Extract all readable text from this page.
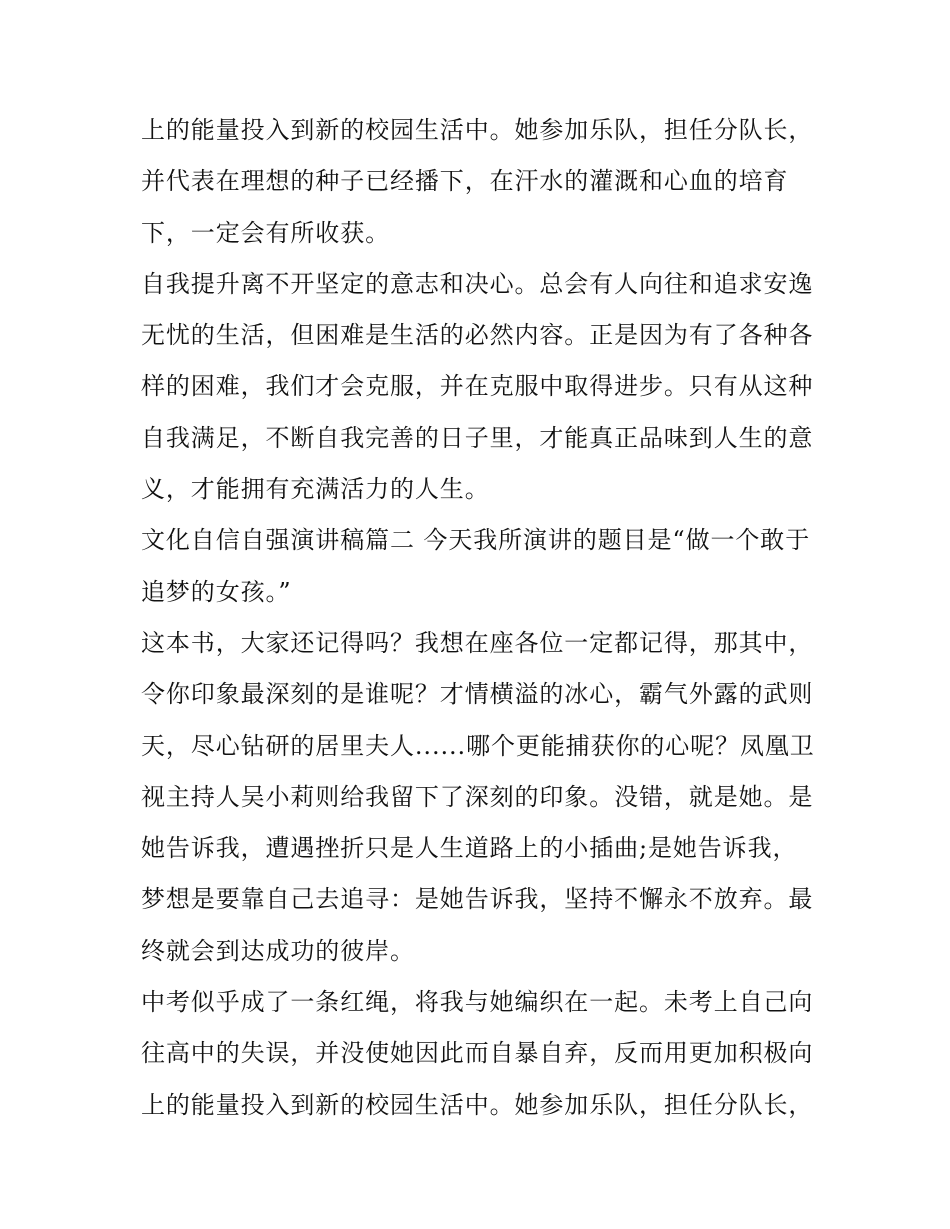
上的能量投入到新的校园生活中。她参加乐队，担任分队长，
并代表在理想的种子已经播下，在汗水的灌溉和心血的培育
下，一定会有所收获。
自我提升离不开坚定的意志和决心。总会有人向往和追求安逸
无忧的生活，但困难是生活的必然内容。正是因为有了各种各
样的困难，我们才会克服，并在克服中取得进步。只有从这种
自我满足，不断自我完善的日子里，才能真正品味到人生的意
义，才能拥有充满活力的人生。
文化自信自强演讲稿篇二 今天我所演讲的题目是“做一个敢于
追梦的女孩。”
这本书，大家还记得吗？我想在座各位一定都记得，那其中，
令你印象最深刻的是谁呢？才情横溢的冰心，霸气外露的武则
天，尽心钻研的居里夫人......哪个更能捕获你的心呢？凤凰卫
视主持人吴小莉则给我留下了深刻的印象。没错，就是她。是
她告诉我，遭遇挫折只是人生道路上的小插曲;是她告诉我，
梦想是要靠自己去追寻：是她告诉我，坚持不懈永不放弃。最
终就会到达成功的彼岸。
中考似乎成了一条红绳，将我与她编织在一起。未考上自己向
往高中的失误，并没使她因此而自暴自弃，反而用更加积极向
上的能量投入到新的校园生活中。她参加乐队，担任分队长，
